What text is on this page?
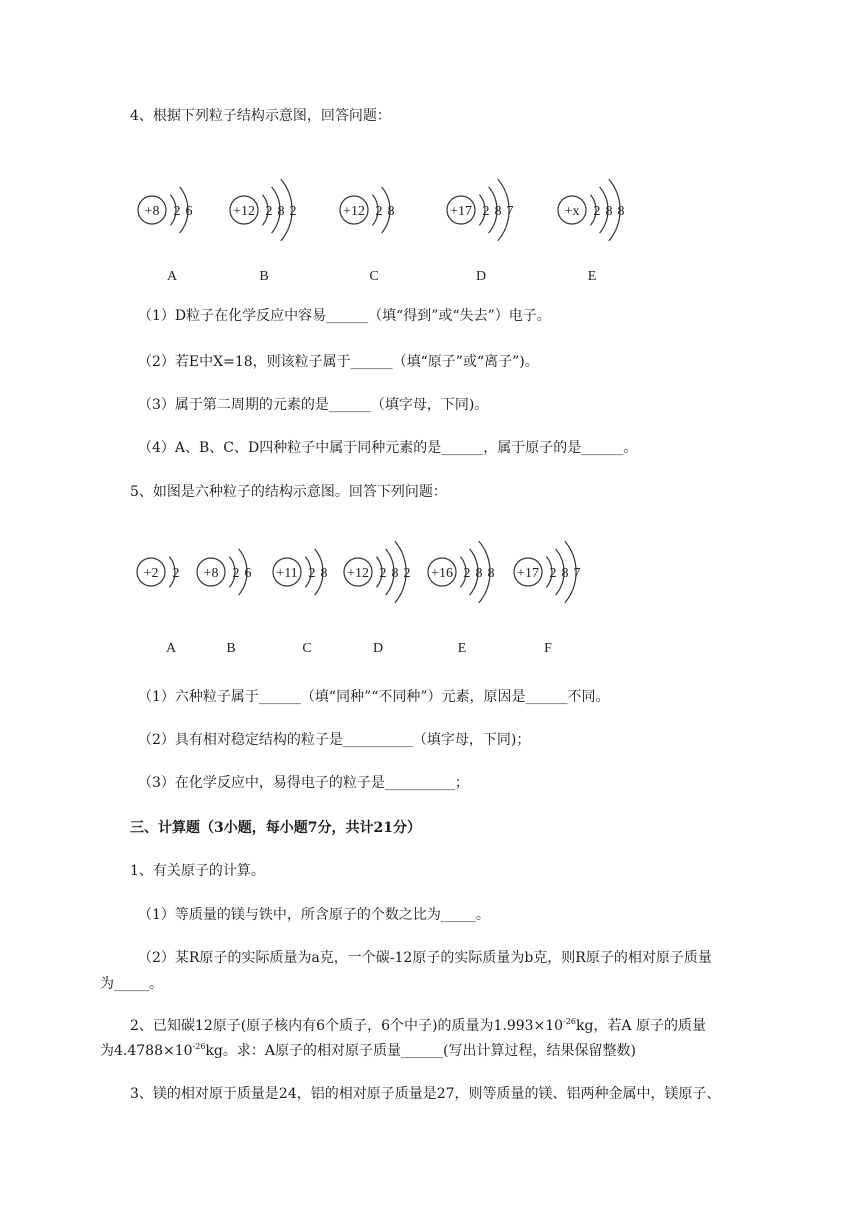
4、根据下列粒子结构示意图，回答问题：
+8 2 6
A
+12 2 8 2
B
+12 2 8
C
+17 2 8 7
D
+x 2 8 8
E
（1）D粒子在化学反应中容易______（填“得到”或“失去”）电子。
（2）若E中X=18，则该粒子属于______（填“原子”或“离子”)。
（3）属于第二周期的元素的是______（填字母，下同)。
（4）A、B、C、D四种粒子中属于同种元素的是______，属于原子的是______。
5、如图是六种粒子的结构示意图。回答下列问题：
+2 2
A
+8 2 6
B
+11 2 8
C
+12 2 8 2
D
+16 2 8 8
E
+17 2 8 7
F
（1）六种粒子属于______（填“同种”“不同种”）元素，原因是______不同。
（2）具有相对稳定结构的粒子是__________（填字母，下同)；
（3）在化学反应中，易得电子的粒子是__________；
三、计算题（3小题，每小题7分，共计21分）
1、有关原子的计算。
（1）等质量的镁与铁中，所含原子的个数之比为_____。
（2）某R原子的实际质量为a克，一个碳-12原子的实际质量为b克，则R原子的相对原子质量
为_____。
2、已知碳12原子(原子核内有6个质子，6个中子)的质量为$1.993\times 10^{-26}kg$，若A 原子的质量
为$4.4788\times 10^{-26}kg$。求：A原子的相对原子质量______(写出计算过程，结果保留整数)
3、镁的相对原于质量是24，铝的相对原子质量是27，则等质量的镁、铝两种金属中，镁原子、
